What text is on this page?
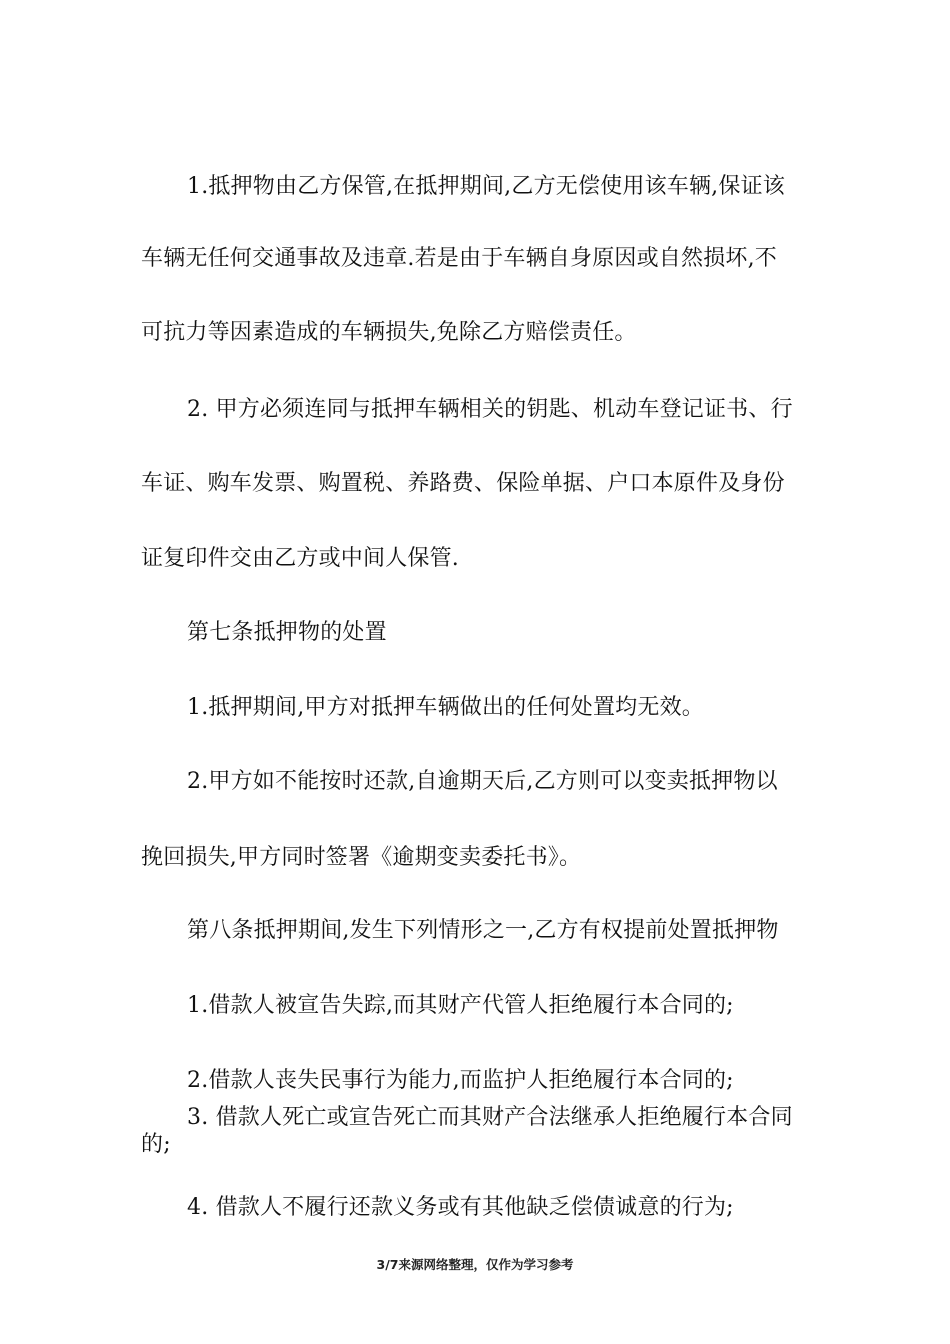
1.抵押物由乙方保管,在抵押期间,乙方无偿使用该车辆,保证该
车辆无任何交通事故及违章.若是由于车辆自身原因或自然损坏,不
可抗力等因素造成的车辆损失,免除乙方赔偿责任。
2. 甲方必须连同与抵押车辆相关的钥匙、机动车登记证书、行
车证、购车发票、购置税、养路费、保险单据、户口本原件及身份
证复印件交由乙方或中间人保管.
第七条抵押物的处置
1.抵押期间,甲方对抵押车辆做出的任何处置均无效。
2.甲方如不能按时还款,自逾期天后,乙方则可以变卖抵押物以
挽回损失,甲方同时签署《逾期变卖委托书》。
第八条抵押期间,发生下列情形之一,乙方有权提前处置抵押物
1.借款人被宣告失踪,而其财产代管人拒绝履行本合同的;
2.借款人丧失民事行为能力,而监护人拒绝履行本合同的;
3. 借款人死亡或宣告死亡而其财产合法继承人拒绝履行本合同
的;
4. 借款人不履行还款义务或有其他缺乏偿债诚意的行为;
3/7来源网络整理，仅作为学习参考
